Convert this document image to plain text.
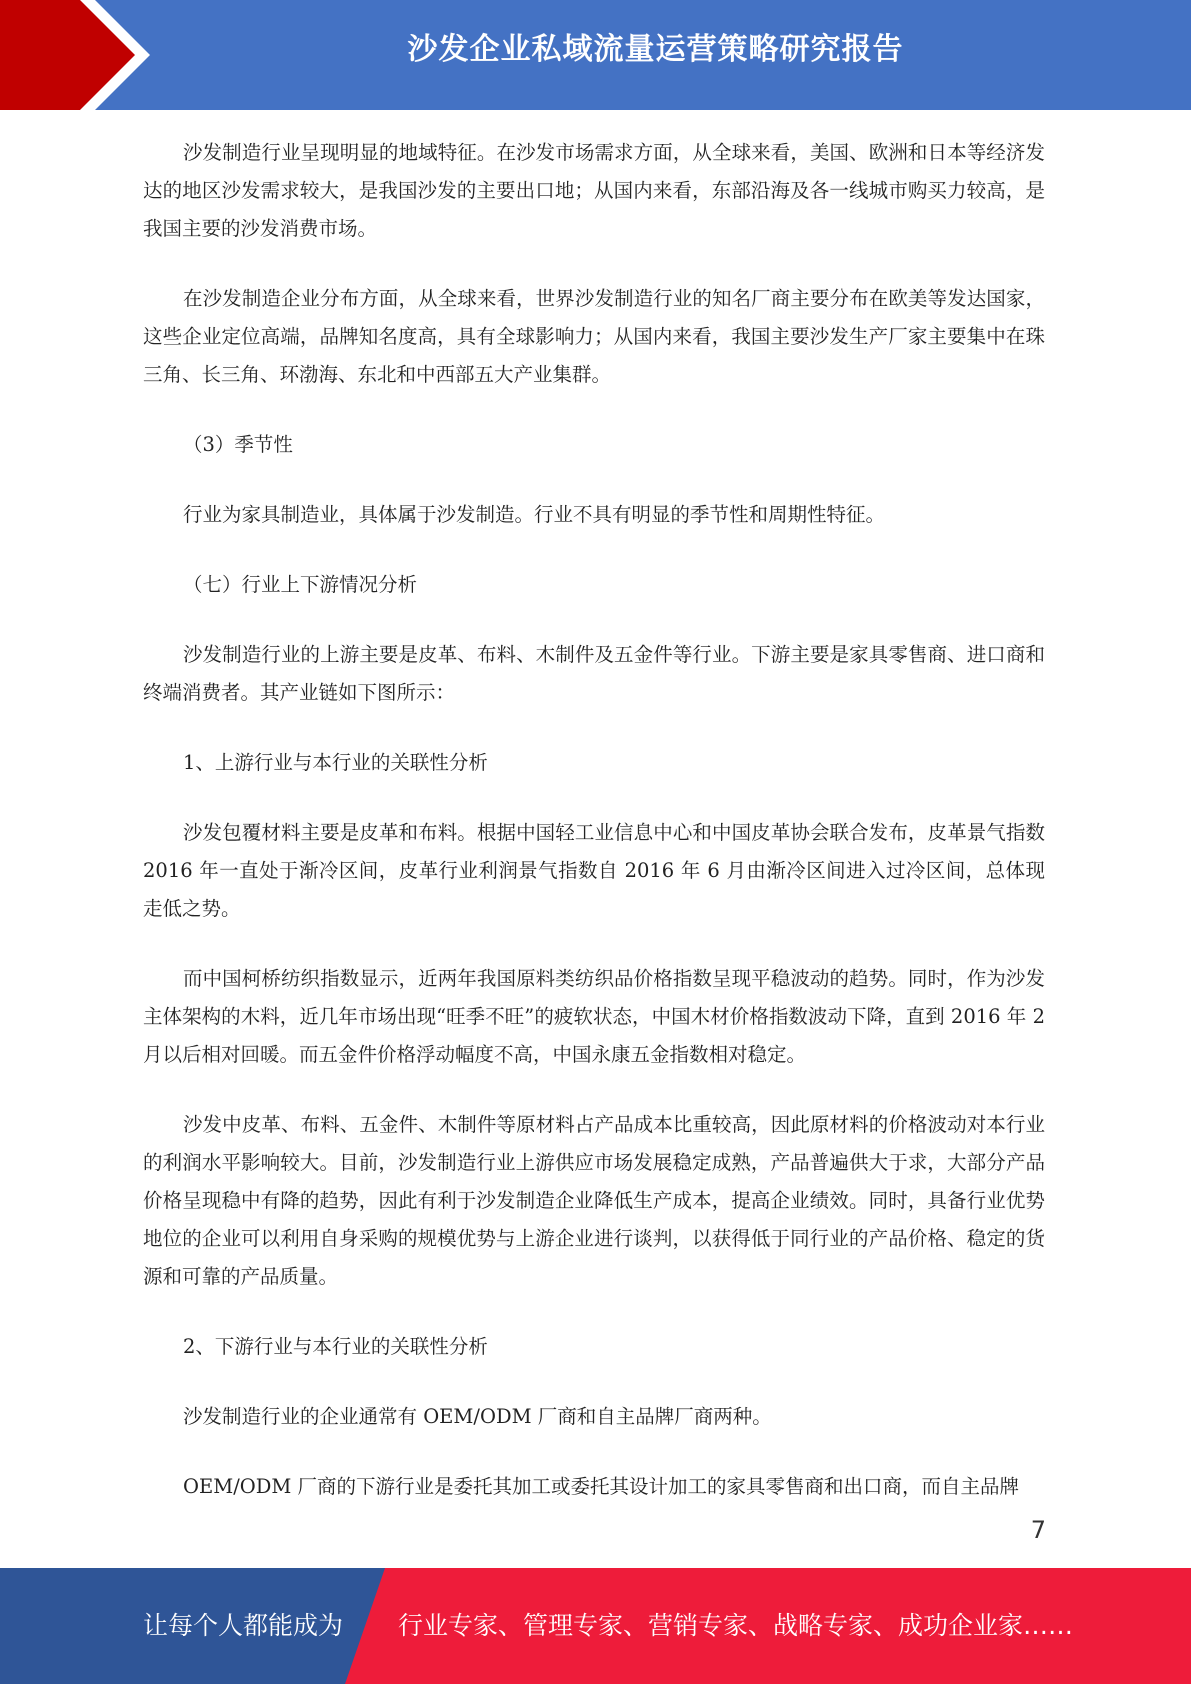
沙发企业私域流量运营策略研究报告

沙发制造行业呈现明显的地域特征。在沙发市场需求方面，从全球来看，美国、欧洲和日本等经济发达的地区沙发需求较大，是我国沙发的主要出口地；从国内来看，东部沿海及各一线城市购买力较高，是我国主要的沙发消费市场。

在沙发制造企业分布方面，从全球来看，世界沙发制造行业的知名厂商主要分布在欧美等发达国家，这些企业定位高端，品牌知名度高，具有全球影响力；从国内来看，我国主要沙发生产厂家主要集中在珠三角、长三角、环渤海、东北和中西部五大产业集群。

（3）季节性

行业为家具制造业，具体属于沙发制造。行业不具有明显的季节性和周期性特征。

（七）行业上下游情况分析

沙发制造行业的上游主要是皮革、布料、木制件及五金件等行业。下游主要是家具零售商、进口商和终端消费者。其产业链如下图所示：

1、上游行业与本行业的关联性分析

沙发包覆材料主要是皮革和布料。根据中国轻工业信息中心和中国皮革协会联合发布，皮革景气指数 2016 年一直处于渐冷区间，皮革行业利润景气指数自 2016 年 6 月由渐冷区间进入过冷区间，总体现走低之势。

而中国柯桥纺织指数显示，近两年我国原料类纺织品价格指数呈现平稳波动的趋势。同时，作为沙发主体架构的木料，近几年市场出现“旺季不旺”的疲软状态，中国木材价格指数波动下降，直到 2016 年 2 月以后相对回暖。而五金件价格浮动幅度不高，中国永康五金指数相对稳定。

沙发中皮革、布料、五金件、木制件等原材料占产品成本比重较高，因此原材料的价格波动对本行业的利润水平影响较大。目前，沙发制造行业上游供应市场发展稳定成熟，产品普遍供大于求，大部分产品价格呈现稳中有降的趋势，因此有利于沙发制造企业降低生产成本，提高企业绩效。同时，具备行业优势地位的企业可以利用自身采购的规模优势与上游企业进行谈判，以获得低于同行业的产品价格、稳定的货源和可靠的产品质量。

2、下游行业与本行业的关联性分析

沙发制造行业的企业通常有 OEM/ODM 厂商和自主品牌厂商两种。

OEM/ODM 厂商的下游行业是委托其加工或委托其设计加工的家具零售商和出口商，而自主品牌

7
让每个人都能成为 行业专家、管理专家、营销专家、战略专家、成功企业家……
